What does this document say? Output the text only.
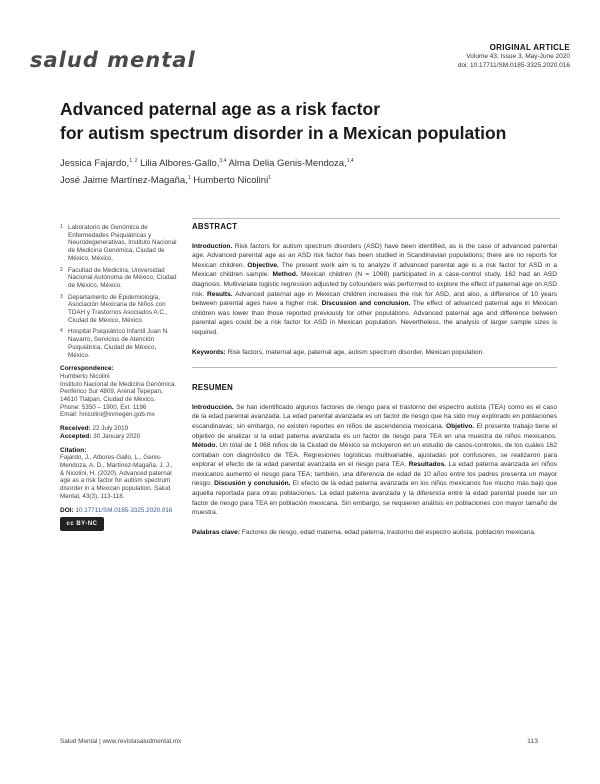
salud mental
ORIGINAL ARTICLE
Volume 43, Issue 3, May-June 2020
doi: 10.17711/SM.0185-3325.2020.016
Advanced paternal age as a risk factor
for autism spectrum disorder in a Mexican population
Jessica Fajardo,$^{1, 2}$ Lilia Albores-Gallo,$^{3,4}$ Alma Delia Genis-Mendoza,$^{1,4}$
José Jaime Martínez-Magaña,$^1$ Humberto Nicolini$^1$
1 Laboratorio de Genómica de Enfermedades Psiquiátricas y Neurodegenerativas, Instituto Nacional de Medicina Genómica, Ciudad de México, México.
2 Facultad de Medicina, Universidad Nacional Autónoma de México, Ciudad de México, México.
3 Departamento de Epidemiología, Asociación Mexicana de Niños con TDAH y Trastornos Asociados A.C., Ciudad de México, México.
4 Hospital Psiquiátrico Infantil Juan N. Navarro, Servicios de Atención Psiquiátrica, Ciudad de México, México.
Correspondence:
Humberto Nicolini
Instituto Nacional de Medicina Genómica. Periférico Sur 4809, Arenal Tepepan, 14610 Tlalpan, Ciudad de México.
Phone: 5350 – 1900, Ext. 1196
Email: hnicolini@inmegen.gob.mx
Received: 22 July 2019
Accepted: 30 January 2020
Citation:
Fajardo, J., Albores-Gallo, L., Genis-Mendoza, A. D., Martínez-Magaña, J. J., & Nicolini, H. (2020). Advanced paternal age as a risk factor for autism spectrum disorder in a Mexican population. Salud Mental, 43(3), 113-118.
DOI: 10.17711/SM.0185-3325.2020.016
cc BY-NC
ABSTRACT

Introduction. Risk factors for autism spectrum disorders (ASD) have been identified, as is the case of advanced parental age. Advanced parental age as an ASD risk factor has been studied in Scandinavian populations; there are no reports for Mexican children. Objective. The present work aim is to analyze if advanced parental age is a risk factor for ASD in a Mexican children sample. Method. Mexican children (N = 1068) participated in a case-control study, 162 had an ASD diagnosis. Multivariate logistic regression adjusted by cofounders was performed to explore the effect of paternal age on ASD risk. Results. Advanced paternal age in Mexican children increases the risk for ASD, and also, a difference of 10 years between parental ages have a higher risk. Discussion and conclusion. The effect of advanced paternal age in Mexican children was lower than those reported previously for other populations. Advanced paternal age and difference between parental ages could be a risk factor for ASD in Mexican population. Nevertheless, the analysis of larger sample sizes is required.

Keywords: Risk factors, maternal age, paternal age, autism spectrum disorder, Mexican population.

RESUMEN

Introducción. Se han identificado algunos factores de riesgo para el trastorno del espectro autista (TEA) como es el caso de la edad parental avanzada. La edad parental avanzada es un factor de riesgo que ha sido muy explorado en poblaciones escandinavas; sin embargo, no existen reportes en niños de ascendencia mexicana. Objetivo. El presente trabajo tiene el objetivo de analizar si la edad paterna avanzada es un factor de riesgo para TEA en una muestra de niños mexicanos. Método. Un total de 1 068 niños de la Ciudad de México se incluyeron en un estudio de casos-controles, de los cuáles 162 contaban con diagnóstico de TEA. Regresiones logísticas multivariable, ajustadas por confusores, se realizaron para explorar el efecto de la edad parental avanzada en el riesgo para TEA. Resultados. La edad paterna avanzada en niños mexicanos aumentó el riesgo para TEA; también, una diferencia de edad de 10 años entre los padres presenta un mayor riesgo. Discusión y conclusión. El efecto de la edad paterna avanzada en los niños mexicanos fue mucho más bajo que aquella reportada para otras poblaciones. La edad paterna avanzada y la diferencia entre la edad parental puede ser un factor de riesgo para TEA en población mexicana. Sin embargo, se requieren análisis en poblaciones con mayor tamaño de muestra.

Palabras clave: Factores de riesgo, edad materna, edad paterna, trastorno del espectro autista, población mexicana.

Salud Mental | www.revistasaludmental.mx	113
